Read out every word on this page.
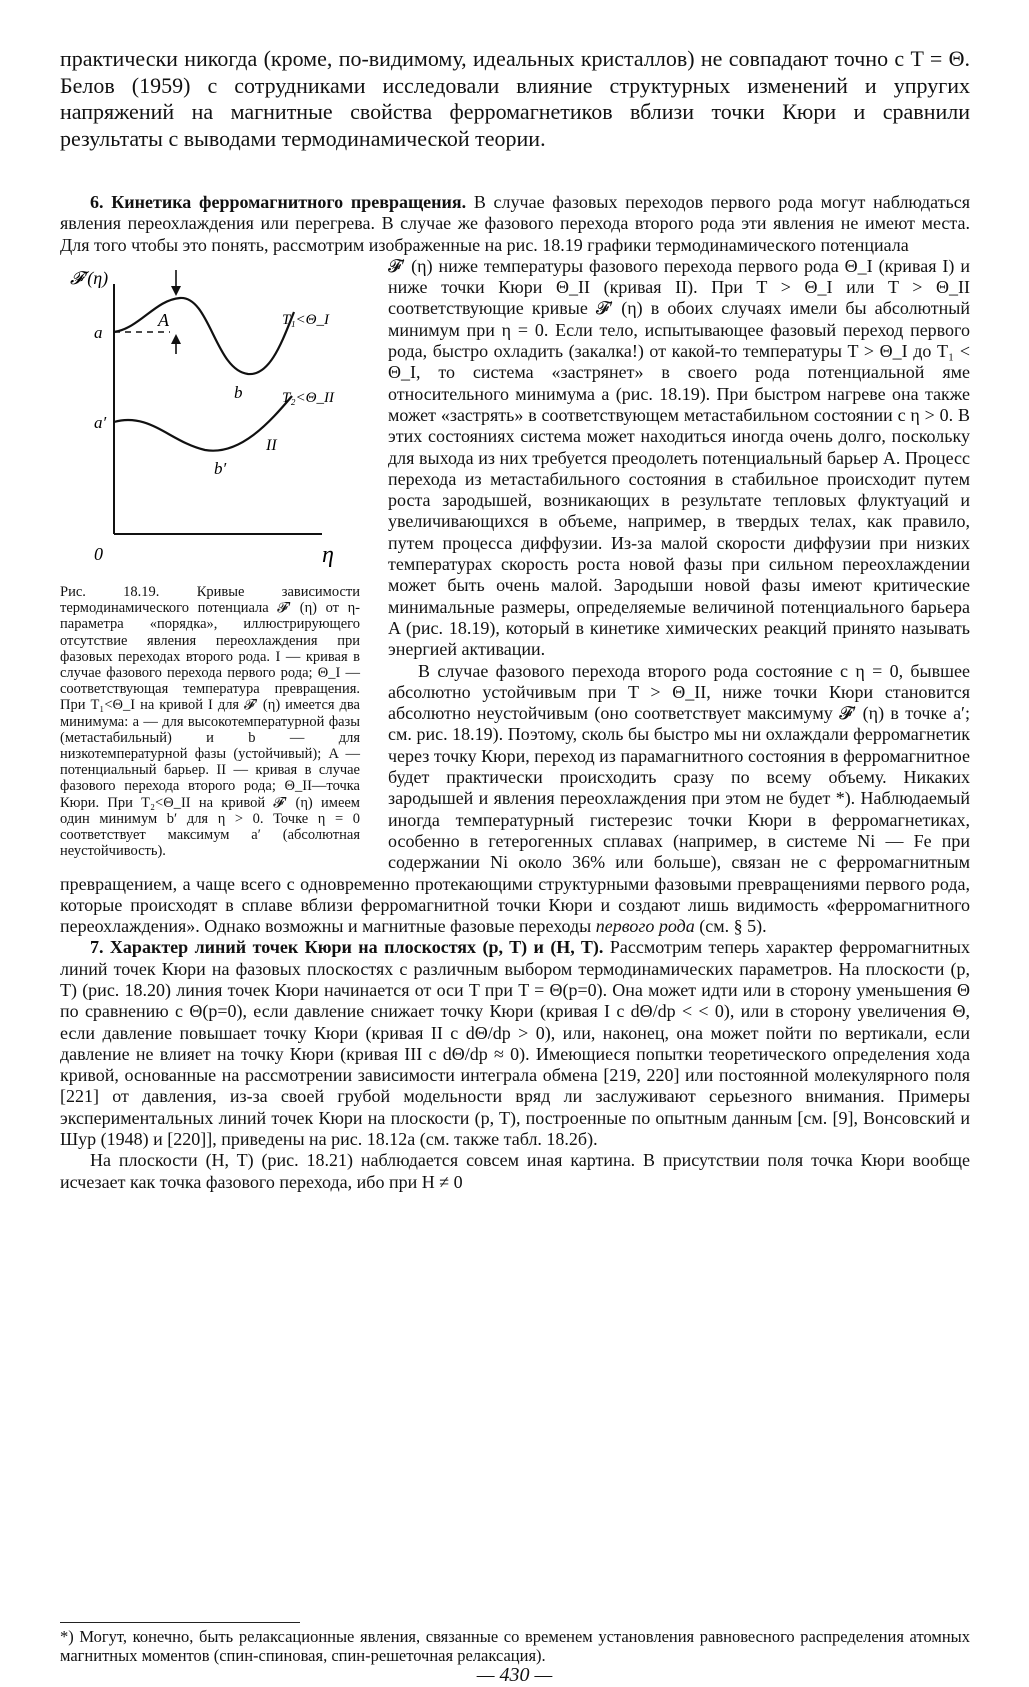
практически никогда (кроме, по-видимому, идеальных кристаллов) не совпадают точно с T = Θ. Белов (1959) с сотрудниками исследовали влияние структурных изменений и упругих напряжений на магнитные свойства ферромагнетиков вблизи точки Кюри и сравнили результаты с выводами термодинамической теории.

6. Кинетика ферромагнитного превращения. В случае фазовых переходов первого рода могут наблюдаться явления переохлаждения или перегрева. В случае же фазового перехода второго рода эти явления не имеют места. Для того чтобы это понять, рассмотрим изображенные на рис. 18.19 графики термодинамического потенциала

𝓕′(η)
η
0
a
A
b
a′
b′
T₁<Θ_I
T₂<Θ_II
II

Рис. 18.19. Кривые зависимости термодинамического потенциала 𝓕′ (η) от η-параметра «порядка», иллюстрирующего отсутствие явления переохлаждения при фазовых переходах второго рода. I — кривая в случае фазового перехода первого рода; Θ_I — соответствующая температура превращения. При T₁<Θ_I на кривой I для 𝓕′ (η) имеется два минимума: a — для высокотемпературной фазы (метастабильный) и b — для низкотемпературной фазы (устойчивый); A — потенциальный барьер. II — кривая в случае фазового перехода второго рода; Θ_II—точка Кюри. При T₂<Θ_II на кривой 𝓕′ (η) имеем один минимум b′ для η > 0. Точке η = 0 соответствует максимум a′ (абсолютная неустойчивость).

𝓕′ (η) ниже температуры фазового перехода первого рода Θ_I (кривая I) и ниже точки Кюри Θ_II (кривая II). При T > Θ_I или T > Θ_II соответствующие кривые 𝓕′ (η) в обоих случаях имели бы абсолютный минимум при η = 0. Если тело, испытывающее фазовый переход первого рода, быстро охладить (закалка!) от какой-то температуры T > Θ_I до T₁ < Θ_I, то система «застрянет» в своего рода потенциальной яме относительного минимума a (рис. 18.19). При быстром нагреве она также может «застрять» в соответствующем метастабильном состоянии с η > 0. В этих состояниях система может находиться иногда очень долго, поскольку для выхода из них требуется преодолеть потенциальный барьер A. Процесс перехода из метастабильного состояния в стабильное происходит путем роста зародышей, возникающих в результате тепловых флуктуаций и увеличивающихся в объеме, например, в твердых телах, как правило, путем процесса диффузии. Из-за малой скорости диффузии при низких температурах скорость роста новой фазы при сильном переохлаждении может быть очень малой. Зародыши новой фазы имеют критические минимальные размеры, определяемые величиной потенциального барьера A (рис. 18.19), который в кинетике химических реакций принято называть энергией активации.

В случае фазового перехода второго рода состояние с η = 0, бывшее абсолютно устойчивым при T > Θ_II, ниже точки Кюри становится абсолютно неустойчивым (оно соответствует максимуму 𝓕′ (η) в точке a′; см. рис. 18.19). Поэтому, сколь бы быстро мы ни охлаждали ферромагнетик через точку Кюри, переход из парамагнитного состояния в ферромагнитное будет практически происходить сразу по всему объему. Никаких зародышей и явления переохлаждения при этом не будет *). Наблюдаемый иногда температурный гистерезис точки Кюри в ферромагнетиках, особенно в гетерогенных сплавах (например, в системе Ni — Fe при содержании Ni около 36% или больше), связан не с ферромагнитным превращением, а чаще всего с одновременно протекающими структурными фазовыми превращениями первого рода, которые происходят в сплаве вблизи ферромагнитной точки Кюри и создают лишь видимость «ферромагнитного переохлаждения». Однако возможны и магнитные фазовые переходы первого рода (см. § 5).

7. Характер линий точек Кюри на плоскостях (p, T) и (H, T). Рассмотрим теперь характер ферромагнитных линий точек Кюри на фазовых плоскостях с различным выбором термодинамических параметров. На плоскости (p, T) (рис. 18.20) линия точек Кюри начинается от оси T при T = Θ(p=0). Она может идти или в сторону уменьшения Θ по сравнению с Θ(p=0), если давление снижает точку Кюри (кривая I с dΘ/dp < < 0), или в сторону увеличения Θ, если давление повышает точку Кюри (кривая II с dΘ/dp > 0), или, наконец, она может пойти по вертикали, если давление не влияет на точку Кюри (кривая III с dΘ/dp ≈ 0). Имеющиеся попытки теоретического определения хода кривой, основанные на рассмотрении зависимости интеграла обмена [219, 220] или постоянной молекулярного поля [221] от давления, из-за своей грубой модельности вряд ли заслуживают серьезного внимания. Примеры экспериментальных линий точек Кюри на плоскости (p, T), построенные по опытным данным [см. [9], Вонсовский и Шур (1948) и [220]], приведены на рис. 18.12а (см. также табл. 18.2б).

На плоскости (H, T) (рис. 18.21) наблюдается совсем иная картина. В присутствии поля точка Кюри вообще исчезает как точка фазового перехода, ибо при H ≠ 0

*) Могут, конечно, быть релаксационные явления, связанные со временем установления равновесного распределения атомных магнитных моментов (спин-спиновая, спин-решеточная релаксация).

— 430 —
